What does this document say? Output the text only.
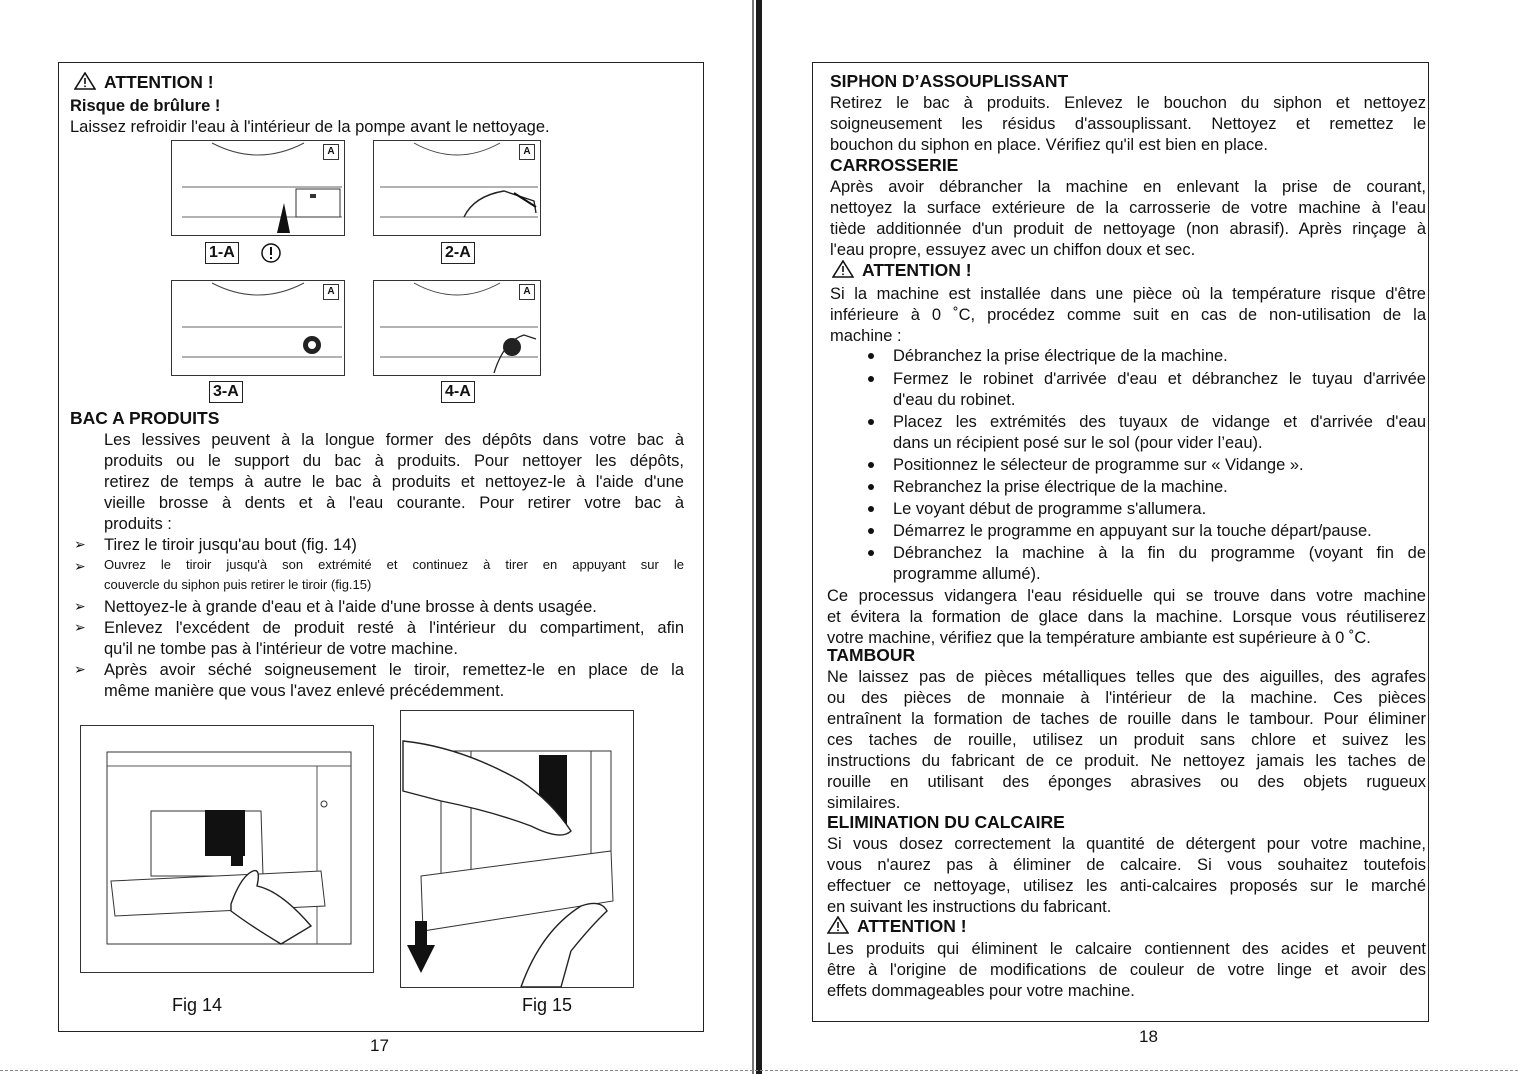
ATTENTION !
Risque de brûlure !
Laissez refroidir l'eau à l'intérieur de la pompe avant le nettoyage.
A	A
1-A	2-A
A	A
3-A	4-A
BAC A PRODUITS
Les lessives peuvent à la longue former des dépôts dans votre bac à
produits ou le support du bac à produits. Pour nettoyer les dépôts,
retirez de temps à autre le bac à produits et nettoyez-le à l'aide d'une
vieille brosse à dents et à l'eau courante. Pour retirer votre bac à
produits :
➢ Tirez le tiroir jusqu'au bout (fig. 14)
➢ Ouvrez le tiroir jusqu'à son extrémité et continuez à tirer en appuyant sur le
couvercle du siphon puis retirer le tiroir (fig.15)
➢ Nettoyez-le à grande d'eau et à l'aide d'une brosse à dents usagée.
➢ Enlevez l'excédent de produit resté à l'intérieur du compartiment, afin
qu'il ne tombe pas à l'intérieur de votre machine.
➢ Après avoir séché soigneusement le tiroir, remettez-le en place de la
même manière que vous l'avez enlevé précédemment.
Fig 14	Fig 15
17
SIPHON D’ASSOUPLISSANT
Retirez le bac à produits. Enlevez le bouchon du siphon et nettoyez
soigneusement les résidus d'assouplissant. Nettoyez et remettez le
bouchon du siphon en place. Vérifiez qu'il est bien en place.
CARROSSERIE
Après avoir débrancher la machine en enlevant la prise de courant,
nettoyez la surface extérieure de la carrosserie de votre machine à l'eau
tiède additionnée d'un produit de nettoyage (non abrasif). Après rinçage à
l'eau propre, essuyez avec un chiffon doux et sec.
ATTENTION !
Si la machine est installée dans une pièce où la température risque d'être
inférieure à 0 ˚C, procédez comme suit en cas de non-utilisation de la
machine :
Débranchez la prise électrique de la machine.
Fermez le robinet d'arrivée d'eau et débranchez le tuyau d'arrivée
d'eau du robinet.
Placez les extrémités des tuyaux de vidange et d'arrivée d'eau
dans un récipient posé sur le sol (pour vider l’eau).
Positionnez le sélecteur de programme sur « Vidange ».
Rebranchez la prise électrique de la machine.
Le voyant début de programme s'allumera.
Démarrez le programme en appuyant sur la touche départ/pause.
Débranchez la machine à la fin du programme (voyant fin de
programme allumé).
Ce processus vidangera l'eau résiduelle qui se trouve dans votre machine
et évitera la formation de glace dans la machine. Lorsque vous réutiliserez
votre machine, vérifiez que la température ambiante est supérieure à 0 ˚C.
TAMBOUR
Ne laissez pas de pièces métalliques telles que des aiguilles, des agrafes
ou des pièces de monnaie à l'intérieur de la machine. Ces pièces
entraînent la formation de taches de rouille dans le tambour. Pour éliminer
ces taches de rouille, utilisez un produit sans chlore et suivez les
instructions du fabricant de ce produit. Ne nettoyez jamais les taches de
rouille en utilisant des éponges abrasives ou des objets rugueux
similaires.
ELIMINATION DU CALCAIRE
Si vous dosez correctement la quantité de détergent pour votre machine,
vous n'aurez pas à éliminer de calcaire. Si vous souhaitez toutefois
effectuer ce nettoyage, utilisez les anti-calcaires proposés sur le marché
en suivant les instructions du fabricant.
ATTENTION !
Les produits qui éliminent le calcaire contiennent des acides et peuvent
être à l'origine de modifications de couleur de votre linge et avoir des
effets dommageables pour votre machine.
18
